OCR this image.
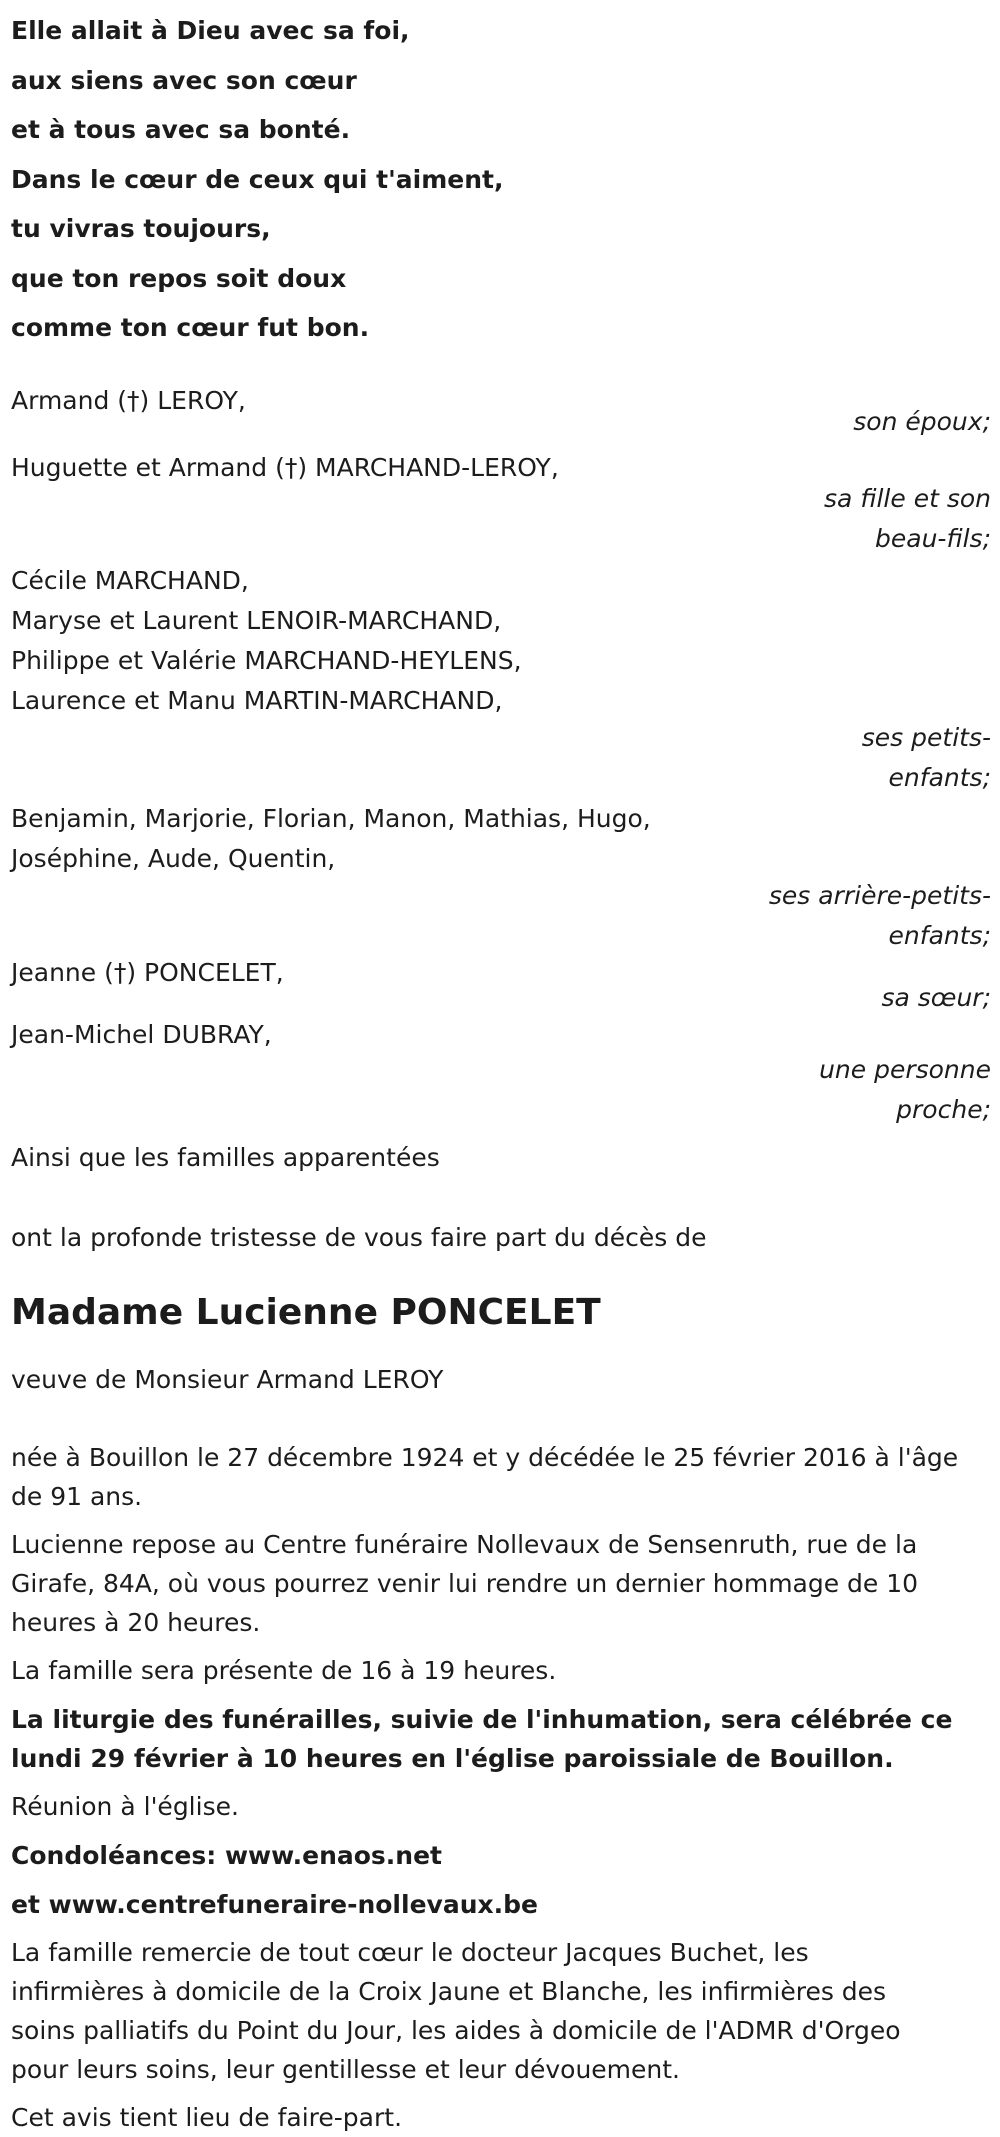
Elle allait à Dieu avec sa foi,

aux siens avec son cœur

et à tous avec sa bonté.

Dans le cœur de ceux qui t'aiment,

tu vivras toujours,

que ton repos soit doux

comme ton cœur fut bon.

Armand (†) LEROY,
son époux;
Huguette et Armand (†) MARCHAND-LEROY,
sa fille et son
beau-fils;
Cécile MARCHAND,
Maryse et Laurent LENOIR-MARCHAND,
Philippe et Valérie MARCHAND-HEYLENS,
Laurence et Manu MARTIN-MARCHAND,
ses petits-enfants;
Benjamin, Marjorie, Florian, Manon, Mathias, Hugo,
Joséphine, Aude, Quentin,
ses arrière-petits-
enfants;
Jeanne (†) PONCELET,
sa sœur;
Jean-Michel DUBRAY,
une personne
proche;
Ainsi que les familles apparentées
ont la profonde tristesse de vous faire part du décès de
Madame Lucienne PONCELET
veuve de Monsieur Armand LEROY

née à Bouillon le 27 décembre 1924 et y décédée le 25 février 2016 à l'âge

de 91 ans.

Lucienne repose au Centre funéraire Nollevaux de Sensenruth, rue de la

Girafe, 84A, où vous pourrez venir lui rendre un dernier hommage de 10

heures à 20 heures.

La famille sera présente de 16 à 19 heures.

La liturgie des funérailles, suivie de l'inhumation, sera célébrée ce

lundi 29 février à 10 heures en l'église paroissiale de Bouillon.

Réunion à l'église.

Condoléances: www.enaos.net

et www.centrefuneraire-nollevaux.be

La famille remercie de tout cœur le docteur Jacques Buchet, les

infirmières à domicile de la Croix Jaune et Blanche, les infirmières des

soins palliatifs du Point du Jour, les aides à domicile de l'ADMR d'Orgeo

pour leurs soins, leur gentillesse et leur dévouement.

Cet avis tient lieu de faire-part.
